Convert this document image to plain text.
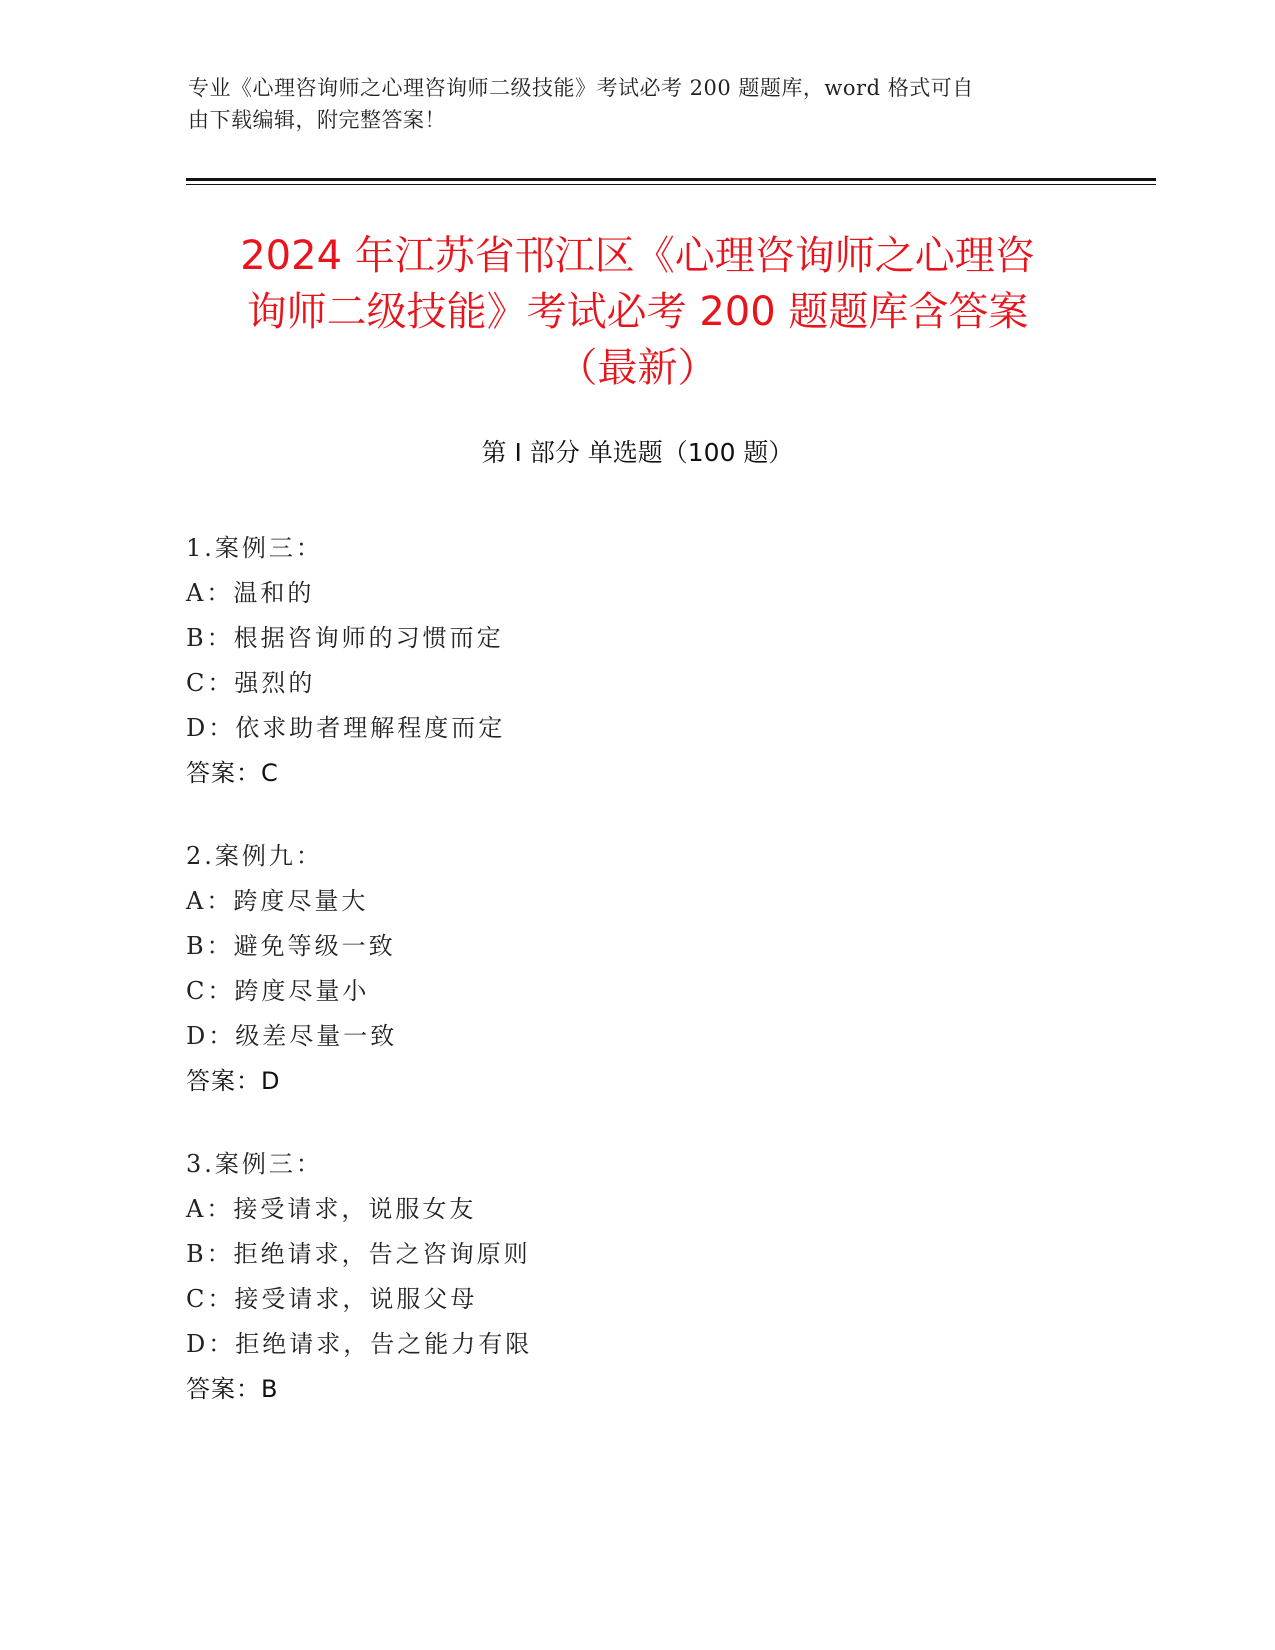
专业《心理咨询师之心理咨询师二级技能》考试必考 200 题题库，word 格式可自
由下载编辑，附完整答案！
2024 年江苏省邗江区《心理咨询师之心理咨
询师二级技能》考试必考 200 题题库含答案
（最新）
第 I 部分 单选题（100 题）
1.案例三：
A：温和的
B：根据咨询师的习惯而定
C：强烈的
D：依求助者理解程度而定
答案：C
2.案例九：
A：跨度尽量大
B：避免等级一致
C：跨度尽量小
D：级差尽量一致
答案：D
3.案例三：
A：接受请求，说服女友
B：拒绝请求，告之咨询原则
C：接受请求，说服父母
D：拒绝请求，告之能力有限
答案：B
